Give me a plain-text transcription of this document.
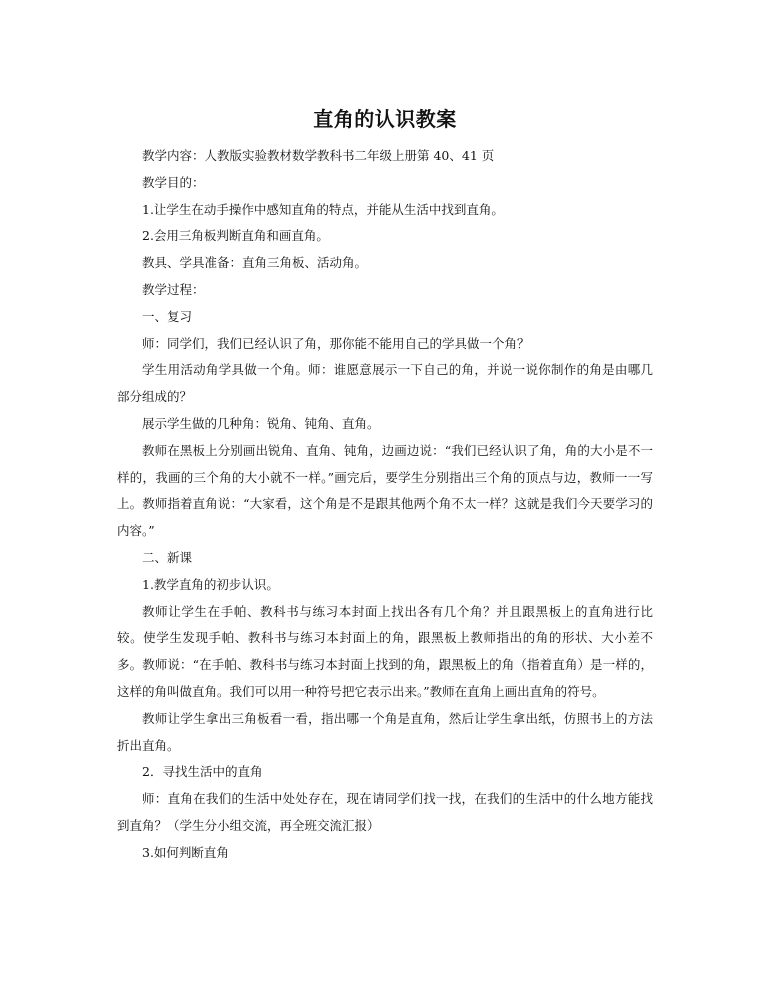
直角的认识教案

教学内容：人教版实验教材数学教科书二年级上册第 40、41 页

教学目的：

1.让学生在动手操作中感知直角的特点，并能从生活中找到直角。

2.会用三角板判断直角和画直角。

教具、学具准备：直角三角板、活动角。

教学过程：

一、复习

师：同学们，我们已经认识了角，那你能不能用自己的学具做一个角？

学生用活动角学具做一个角。师：谁愿意展示一下自己的角，并说一说你制作的角是由哪几部分组成的？

展示学生做的几种角：锐角、钝角、直角。

教师在黑板上分别画出锐角、直角、钝角，边画边说：“我们已经认识了角，角的大小是不一样的，我画的三个角的大小就不一样。”画完后，要学生分别指出三个角的顶点与边，教师一一写上。教师指着直角说：“大家看，这个角是不是跟其他两个角不太一样？这就是我们今天要学习的内容。”

二、新课

1.教学直角的初步认识。

教师让学生在手帕、教科书与练习本封面上找出各有几个角？并且跟黑板上的直角进行比较。使学生发现手帕、教科书与练习本封面上的角，跟黑板上教师指出的角的形状、大小差不多。教师说：“在手帕、教科书与练习本封面上找到的角，跟黑板上的角（指着直角）是一样的，这样的角叫做直角。我们可以用一种符号把它表示出来。”教师在直角上画出直角的符号。

教师让学生拿出三角板看一看，指出哪一个角是直角，然后让学生拿出纸，仿照书上的方法折出直角。

2．寻找生活中的直角

师：直角在我们的生活中处处存在，现在请同学们找一找，在我们的生活中的什么地方能找到直角？（学生分小组交流，再全班交流汇报）

3.如何判断直角
